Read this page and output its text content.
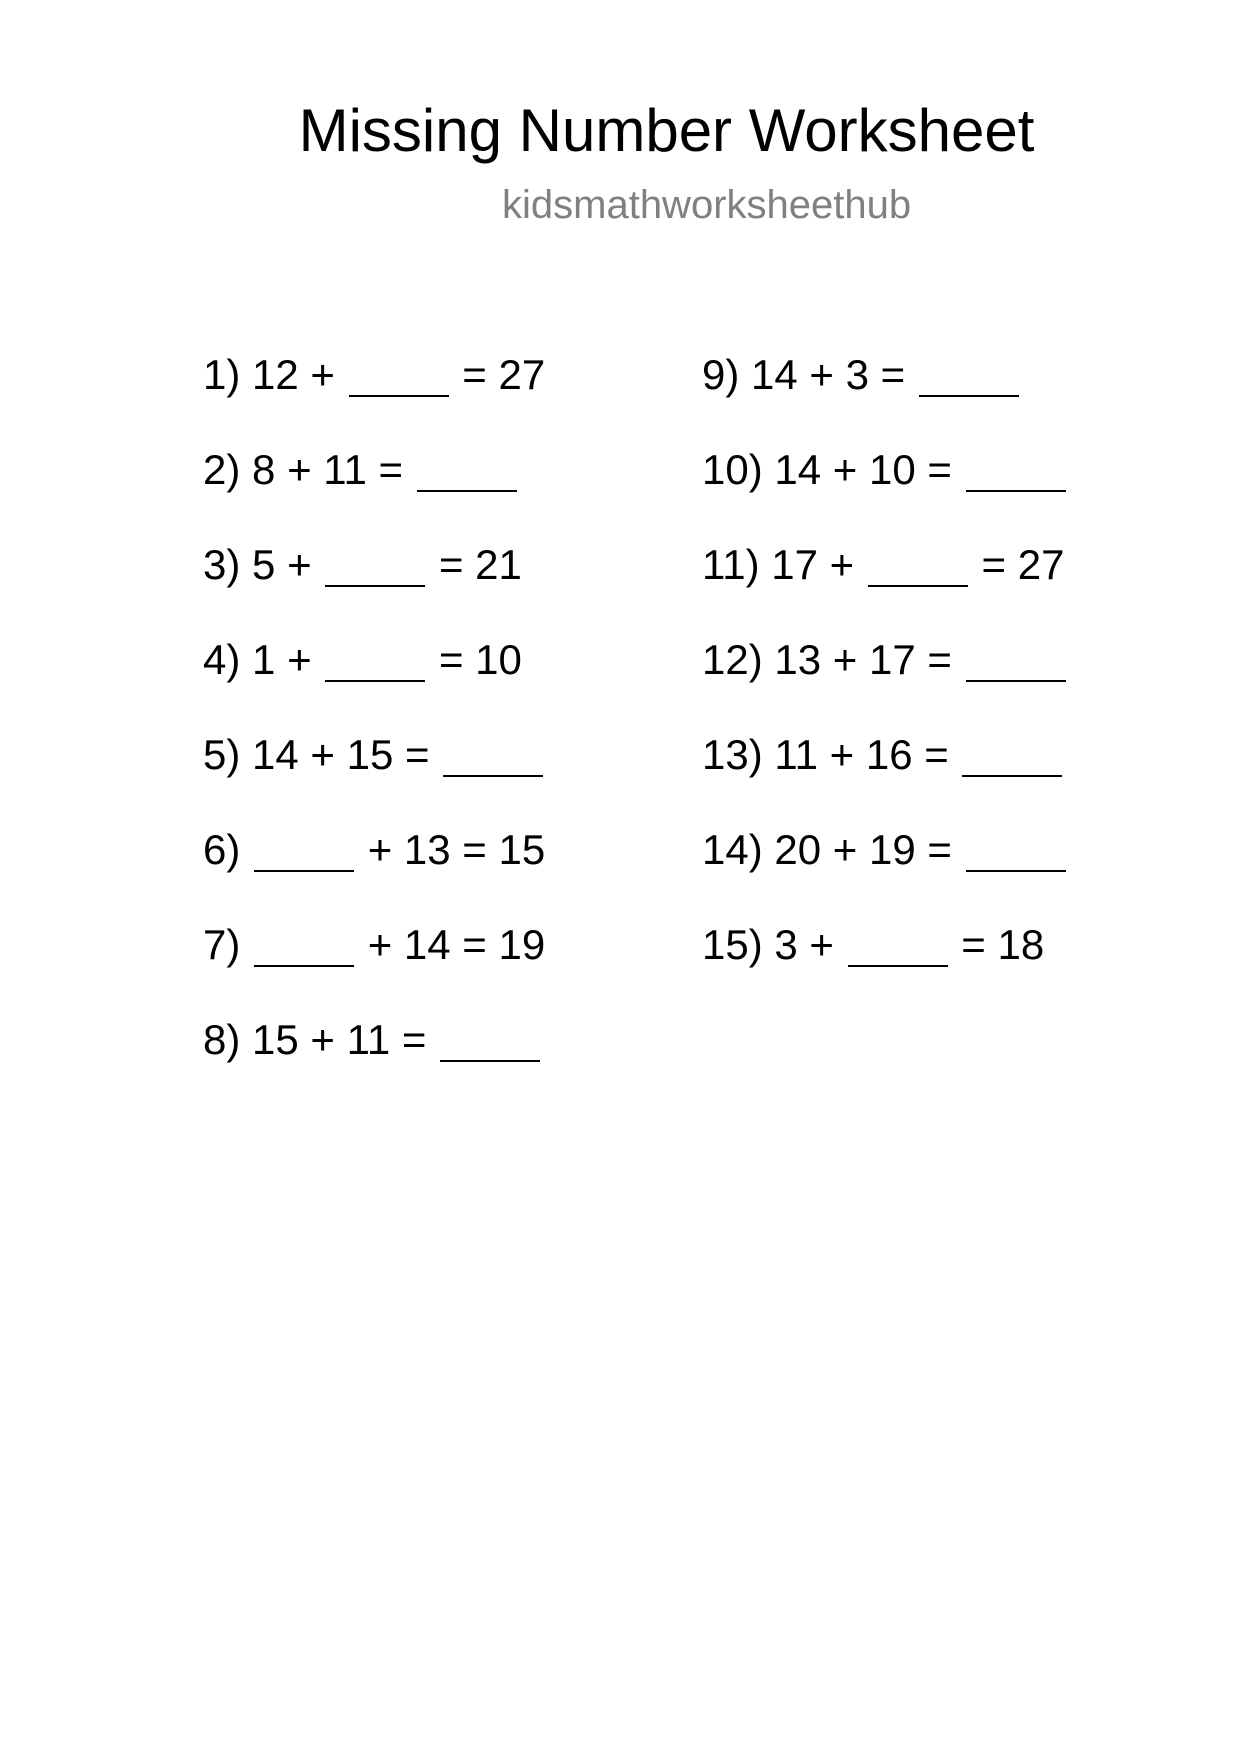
Missing Number Worksheet
kidsmathworksheethub
1) 12 +	= 27
2) 8 + 11 =
3) 5 +	= 21
4) 1 +	= 10
5) 14 + 15 =
6)	+ 13 = 15
7)	+ 14 = 19
8) 15 + 11 =
9) 14 + 3 =
10) 14 + 10 =
11) 17 +	= 27
12) 13 + 17 =
13) 11 + 16 =
14) 20 + 19 =
15) 3 +	= 18
